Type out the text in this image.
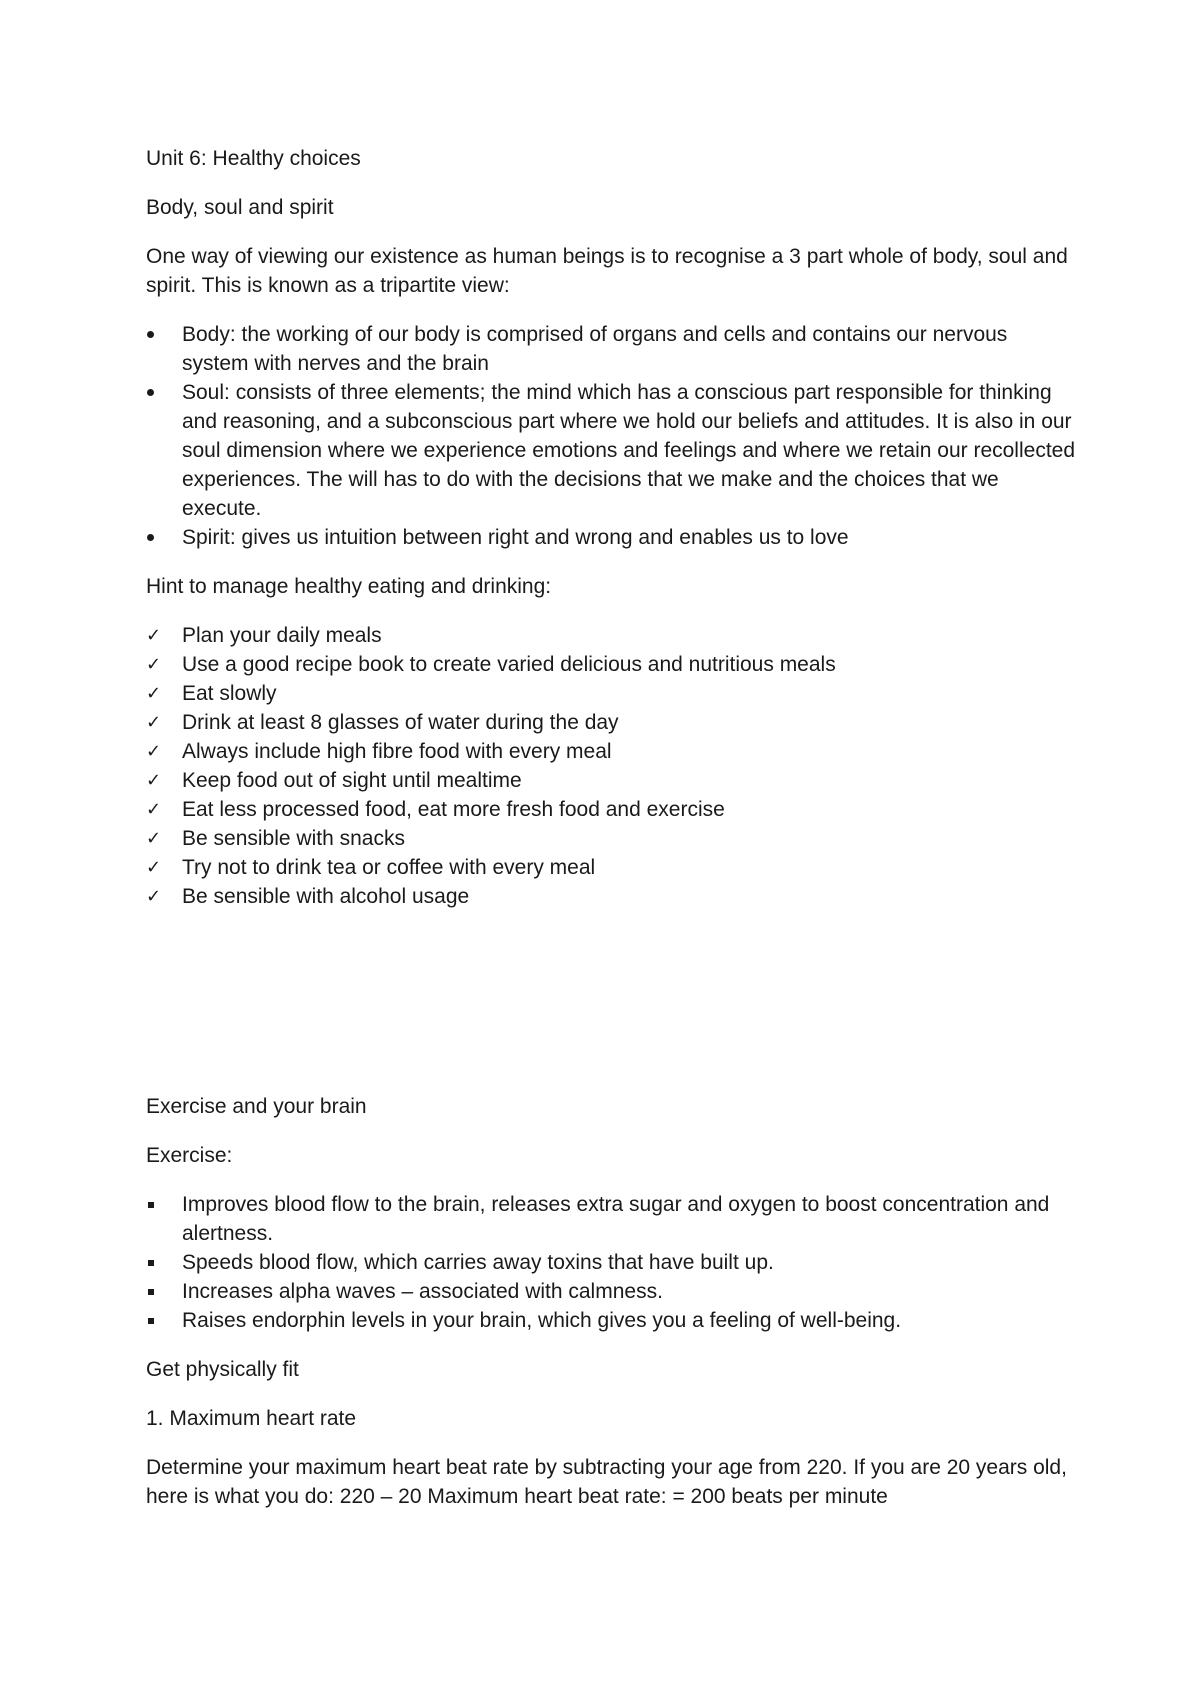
Unit 6: Healthy choices

Body, soul and spirit

One way of viewing our existence as human beings is to recognise a 3 part whole of body, soul and spirit. This is known as a tripartite view:

Body: the working of our body is comprised of organs and cells and contains our nervous system with nerves and the brain
Soul: consists of three elements; the mind which has a conscious part responsible for thinking and reasoning, and a subconscious part where we hold our beliefs and attitudes. It is also in our soul dimension where we experience emotions and feelings and where we retain our recollected experiences. The will has to do with the decisions that we make and the choices that we execute.
Spirit: gives us intuition between right and wrong and enables us to love

Hint to manage healthy eating and drinking:

✓ Plan your daily meals
✓ Use a good recipe book to create varied delicious and nutritious meals
✓ Eat slowly
✓ Drink at least 8 glasses of water during the day
✓ Always include high fibre food with every meal
✓ Keep food out of sight until mealtime
✓ Eat less processed food, eat more fresh food and exercise
✓ Be sensible with snacks
✓ Try not to drink tea or coffee with every meal
✓ Be sensible with alcohol usage

Exercise and your brain

Exercise:

Improves blood flow to the brain, releases extra sugar and oxygen to boost concentration and alertness.
Speeds blood flow, which carries away toxins that have built up.
Increases alpha waves – associated with calmness.
Raises endorphin levels in your brain, which gives you a feeling of well-being.

Get physically fit

1. Maximum heart rate

Determine your maximum heart beat rate by subtracting your age from 220. If you are 20 years old, here is what you do: 220 – 20 Maximum heart beat rate: = 200 beats per minute
